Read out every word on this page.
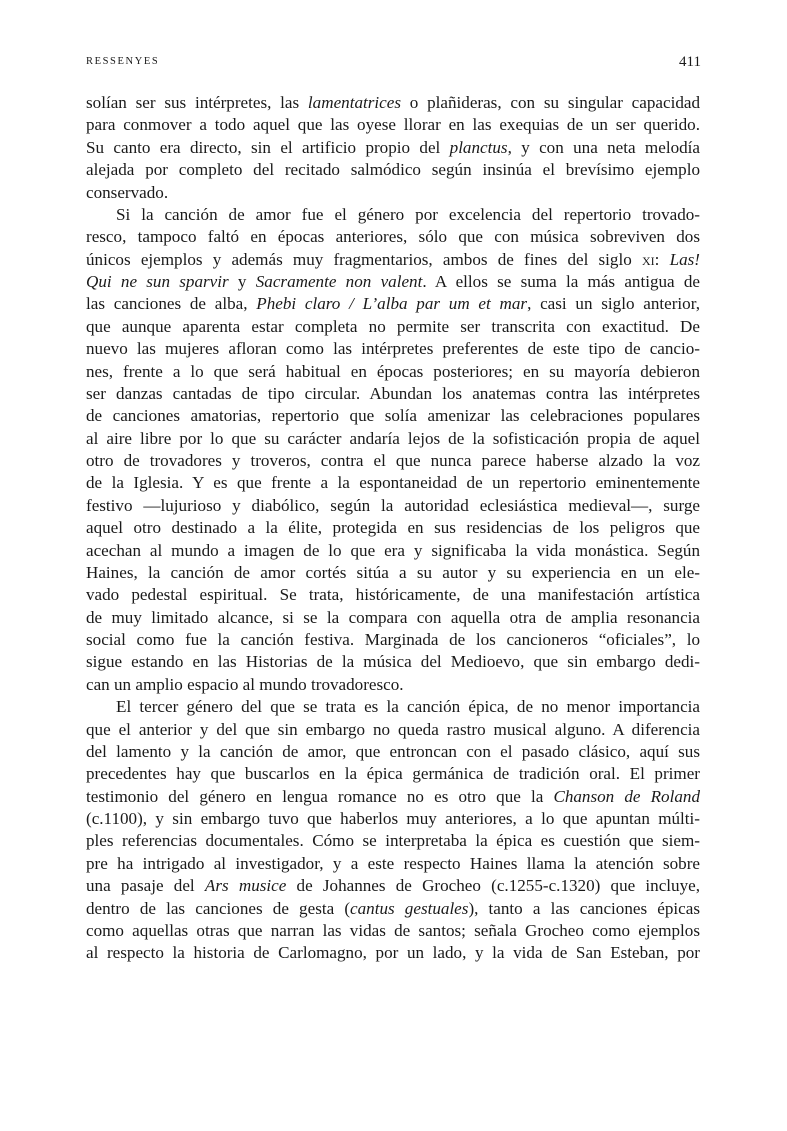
RESSENYES	411
solían ser sus intérpretes, las lamentatrices o plañideras, con su singular capacidad
para conmover a todo aquel que las oyese llorar en las exequias de un ser querido.
Su canto era directo, sin el artificio propio del planctus, y con una neta melodía
alejada por completo del recitado salmódico según insinúa el brevísimo ejemplo
conservado.
Si la canción de amor fue el género por excelencia del repertorio trovado-
resco, tampoco faltó en épocas anteriores, sólo que con música sobreviven dos
únicos ejemplos y además muy fragmentarios, ambos de fines del siglo xi: Las!
Qui ne sun sparvir y Sacramente non valent. A ellos se suma la más antigua de
las canciones de alba, Phebi claro / L’alba par um et mar, casi un siglo anterior,
que aunque aparenta estar completa no permite ser transcrita con exactitud. De
nuevo las mujeres afloran como las intérpretes preferentes de este tipo de cancio-
nes, frente a lo que será habitual en épocas posteriores; en su mayoría debieron
ser danzas cantadas de tipo circular. Abundan los anatemas contra las intérpretes
de canciones amatorias, repertorio que solía amenizar las celebraciones populares
al aire libre por lo que su carácter andaría lejos de la sofisticación propia de aquel
otro de trovadores y troveros, contra el que nunca parece haberse alzado la voz
de la Iglesia. Y es que frente a la espontaneidad de un repertorio eminentemente
festivo —lujurioso y diabólico, según la autoridad eclesiástica medieval—, surge
aquel otro destinado a la élite, protegida en sus residencias de los peligros que
acechan al mundo a imagen de lo que era y significaba la vida monástica. Según
Haines, la canción de amor cortés sitúa a su autor y su experiencia en un ele-
vado pedestal espiritual. Se trata, históricamente, de una manifestación artística
de muy limitado alcance, si se la compara con aquella otra de amplia resonancia
social como fue la canción festiva. Marginada de los cancioneros “oficiales”, lo
sigue estando en las Historias de la música del Medioevo, que sin embargo dedi-
can un amplio espacio al mundo trovadoresco.
El tercer género del que se trata es la canción épica, de no menor importancia
que el anterior y del que sin embargo no queda rastro musical alguno. A diferencia
del lamento y la canción de amor, que entroncan con el pasado clásico, aquí sus
precedentes hay que buscarlos en la épica germánica de tradición oral. El primer
testimonio del género en lengua romance no es otro que la Chanson de Roland
(c.1100), y sin embargo tuvo que haberlos muy anteriores, a lo que apuntan múlti-
ples referencias documentales. Cómo se interpretaba la épica es cuestión que siem-
pre ha intrigado al investigador, y a este respecto Haines llama la atención sobre
una pasaje del Ars musice de Johannes de Grocheo (c.1255-c.1320) que incluye,
dentro de las canciones de gesta (cantus gestuales), tanto a las canciones épicas
como aquellas otras que narran las vidas de santos; señala Grocheo como ejemplos
al respecto la historia de Carlomagno, por un lado, y la vida de San Esteban, por
